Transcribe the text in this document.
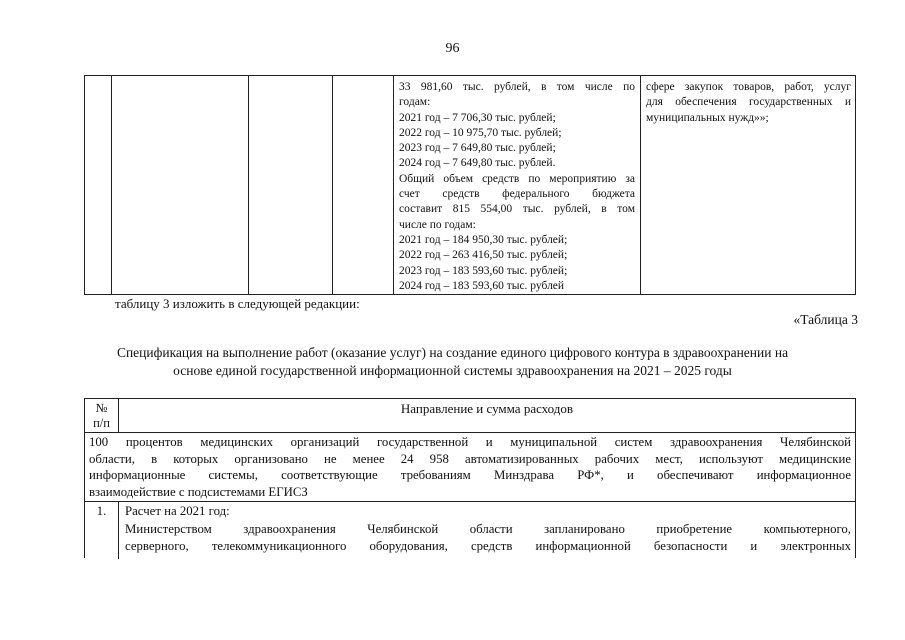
96
33 981,60 тыс. рублей, в том числе по
годам:
2021 год – 7 706,30 тыс. рублей;
2022 год – 10 975,70 тыс. рублей;
2023 год – 7 649,80 тыс. рублей;
2024 год – 7 649,80 тыс. рублей.
Общий объем средств по мероприятию за
счет средств федерального бюджета
составит 815 554,00 тыс. рублей, в том
числе по годам:
2021 год – 184 950,30 тыс. рублей;
2022 год – 263 416,50 тыс. рублей;
2023 год – 183 593,60 тыс. рублей;
2024 год – 183 593,60 тыс. рублей
сфере закупок товаров, работ, услуг
для обеспечения государственных и
муниципальных нужд»»;
таблицу 3 изложить в следующей редакции:
«Таблица 3
Спецификация на выполнение работ (оказание услуг) на создание единого цифрового контура в здравоохранении на
основе единой государственной информационной системы здравоохранения на 2021 – 2025 годы
№
п/п
Направление и сумма расходов
100 процентов медицинских организаций государственной и муниципальной систем здравоохранения Челябинской
области, в которых организовано не менее 24 958 автоматизированных рабочих мест, используют медицинские
информационные системы, соответствующие требованиям Минздрава РФ*, и обеспечивают информационное
взаимодействие с подсистемами ЕГИСЗ
1.	Расчет на 2021 год:
Министерством здравоохранения Челябинской области запланировано приобретение компьютерного,
серверного, телекоммуникационного оборудования, средств информационной безопасности и электронных
